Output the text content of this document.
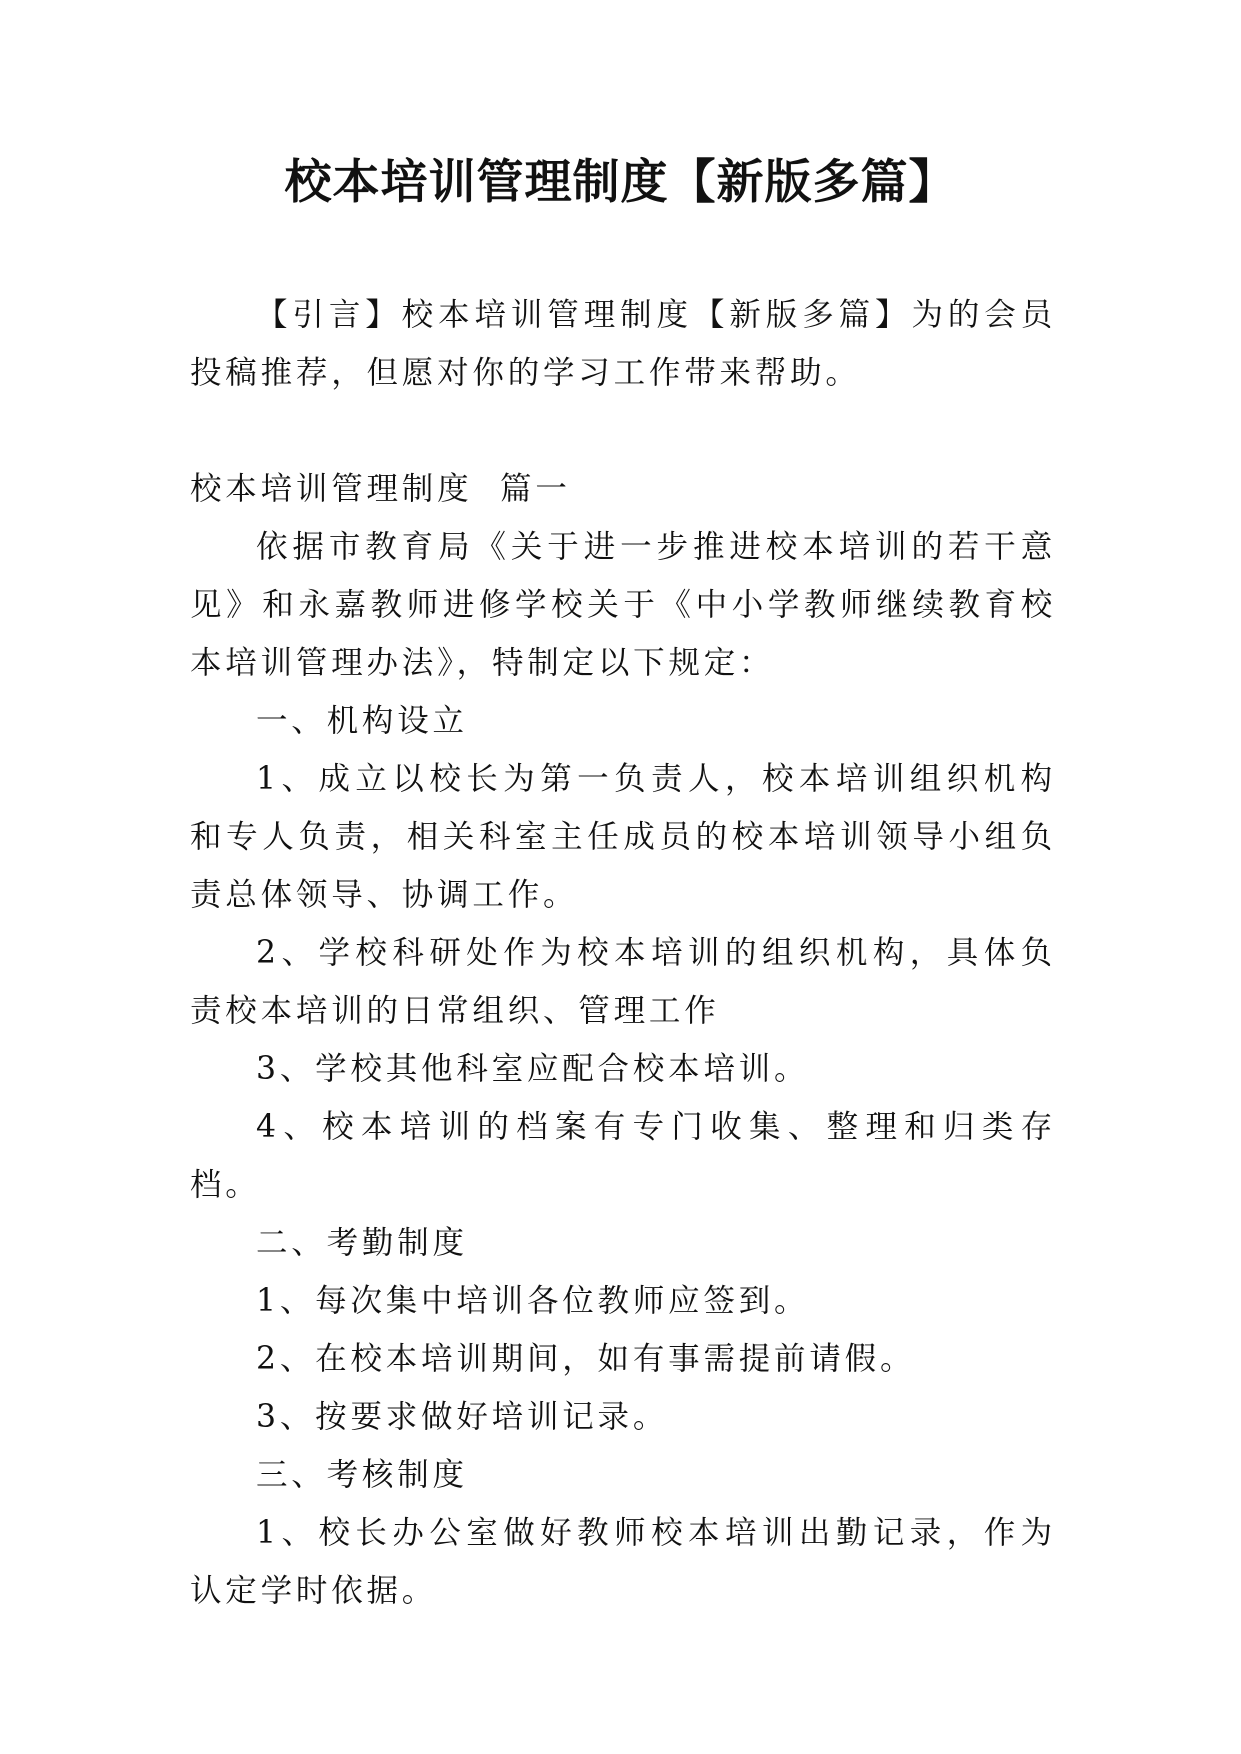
校本培训管理制度【新版多篇】

【引言】校本培训管理制度【新版多篇】为的会员投稿推荐，但愿对你的学习工作带来帮助。

校本培训管理制度  篇一

依据市教育局《关于进一步推进校本培训的若干意见》和永嘉教师进修学校关于《中小学教师继续教育校本培训管理办法》，特制定以下规定：

一、机构设立

1、成立以校长为第一负责人，校本培训组织机构和专人负责，相关科室主任成员的校本培训领导小组负责总体领导、协调工作。

2、学校科研处作为校本培训的组织机构，具体负责校本培训的日常组织、管理工作

3、学校其他科室应配合校本培训。

4、校本培训的档案有专门收集、整理和归类存档。

二、考勤制度

1、每次集中培训各位教师应签到。

2、在校本培训期间，如有事需提前请假。

3、按要求做好培训记录。

三、考核制度

1、校长办公室做好教师校本培训出勤记录，作为认定学时依据。
